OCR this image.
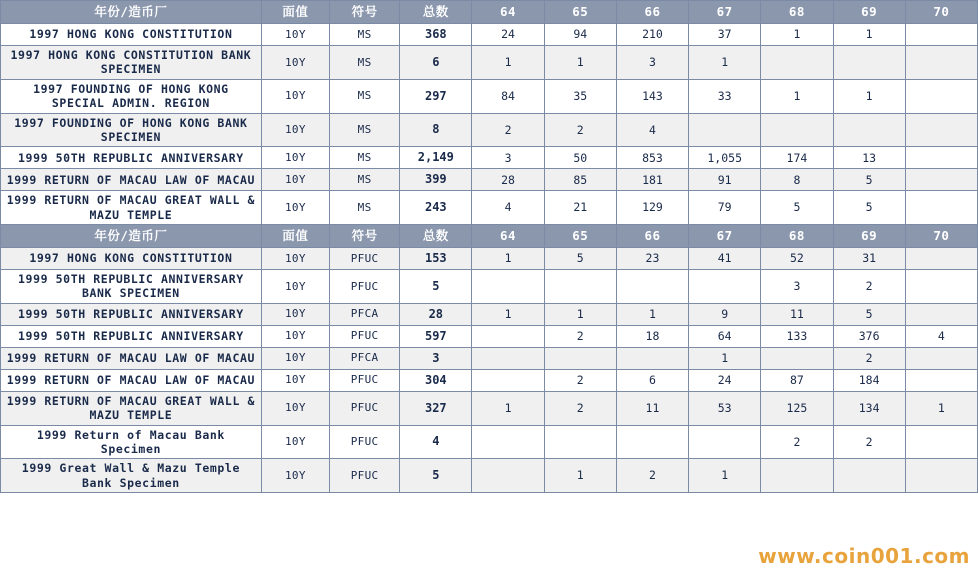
年份/造币厂	面值	符号	总数	64	65	66	67	68	69	70
1997 HONG KONG CONSTITUTION	10Y	MS	368	24	94	210	37	1	1	
1997 HONG KONG CONSTITUTION BANK SPECIMEN	10Y	MS	6	1	1	3	1			
1997 FOUNDING OF HONG KONG SPECIAL ADMIN. REGION	10Y	MS	297	84	35	143	33	1	1	
1997 FOUNDING OF HONG KONG BANK SPECIMEN	10Y	MS	8	2	2	4				
1999 50TH REPUBLIC ANNIVERSARY	10Y	MS	2,149	3	50	853	1,055	174	13	
1999 RETURN OF MACAU LAW OF MACAU	10Y	MS	399	28	85	181	91	8	5	
1999 RETURN OF MACAU GREAT WALL & MAZU TEMPLE	10Y	MS	243	4	21	129	79	5	5	
年份/造币厂	面值	符号	总数	64	65	66	67	68	69	70
1997 HONG KONG CONSTITUTION	10Y	PFUC	153	1	5	23	41	52	31	
1999 50TH REPUBLIC ANNIVERSARY BANK SPECIMEN	10Y	PFUC	5					3	2	
1999 50TH REPUBLIC ANNIVERSARY	10Y	PFCA	28	1	1	1	9	11	5	
1999 50TH REPUBLIC ANNIVERSARY	10Y	PFUC	597		2	18	64	133	376	4
1999 RETURN OF MACAU LAW OF MACAU	10Y	PFCA	3				1		2	
1999 RETURN OF MACAU LAW OF MACAU	10Y	PFUC	304		2	6	24	87	184	
1999 RETURN OF MACAU GREAT WALL & MAZU TEMPLE	10Y	PFUC	327	1	2	11	53	125	134	1
1999 Return of Macau Bank Specimen	10Y	PFUC	4					2	2	
1999 Great Wall & Mazu Temple Bank Specimen	10Y	PFUC	5		1	2	1			
www.coin001.com
